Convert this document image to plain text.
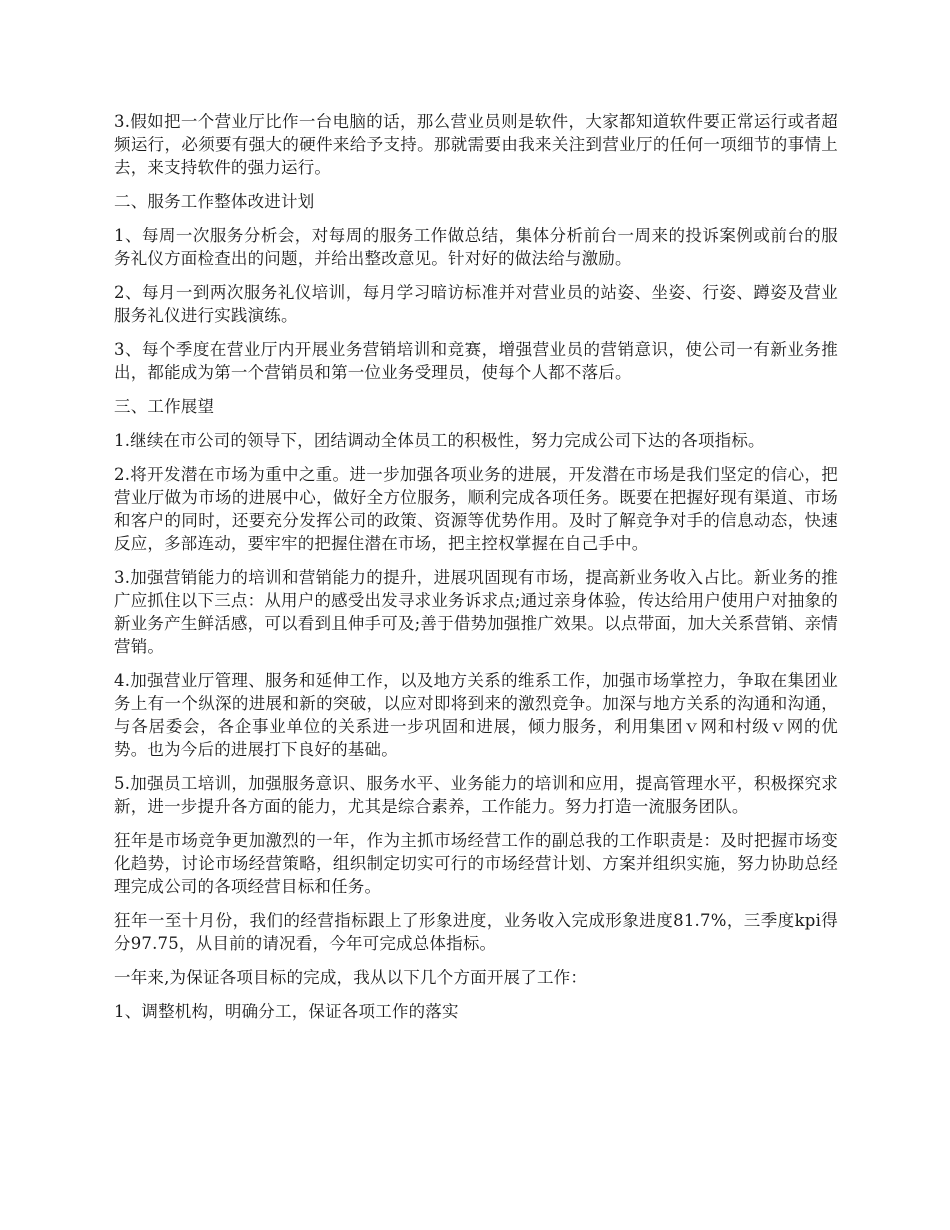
3.假如把一个营业厅比作一台电脑的话，那么营业员则是软件，大家都知道软件要正常运行或者超频运行，必须要有强大的硬件来给予支持。那就需要由我来关注到营业厅的任何一项细节的事情上去，来支持软件的强力运行。

二、服务工作整体改进计划

1、每周一次服务分析会，对每周的服务工作做总结，集体分析前台一周来的投诉案例或前台的服务礼仪方面检查出的问题，并给出整改意见。针对好的做法给与激励。

2、每月一到两次服务礼仪培训，每月学习暗访标准并对营业员的站姿、坐姿、行姿、蹲姿及营业服务礼仪进行实践演练。

3、每个季度在营业厅内开展业务营销培训和竞赛，增强营业员的营销意识，使公司一有新业务推出，都能成为第一个营销员和第一位业务受理员，使每个人都不落后。

三、工作展望

1.继续在市公司的领导下，团结调动全体员工的积极性，努力完成公司下达的各项指标。

2.将开发潜在市场为重中之重。进一步加强各项业务的进展，开发潜在市场是我们坚定的信心，把营业厅做为市场的进展中心，做好全方位服务，顺利完成各项任务。既要在把握好现有渠道、市场和客户的同时，还要充分发挥公司的政策、资源等优势作用。及时了解竞争对手的信息动态，快速反应，多部连动，要牢牢的把握住潜在市场，把主控权掌握在自己手中。

3.加强营销能力的培训和营销能力的提升，进展巩固现有市场，提高新业务收入占比。新业务的推广应抓住以下三点：从用户的感受出发寻求业务诉求点;通过亲身体验，传达给用户使用户对抽象的新业务产生鲜活感，可以看到且伸手可及;善于借势加强推广效果。以点带面，加大关系营销、亲情营销。

4.加强营业厅管理、服务和延伸工作，以及地方关系的维系工作，加强市场掌控力，争取在集团业务上有一个纵深的进展和新的突破，以应对即将到来的激烈竞争。加深与地方关系的沟通和沟通，与各居委会，各企事业单位的关系进一步巩固和进展，倾力服务，利用集团ｖ网和村级ｖ网的优势。也为今后的进展打下良好的基础。

5.加强员工培训，加强服务意识、服务水平、业务能力的培训和应用，提高管理水平，积极探究求新，进一步提升各方面的能力，尤其是综合素养，工作能力。努力打造一流服务团队。

狂年是市场竞争更加激烈的一年，作为主抓市场经营工作的副总我的工作职责是：及时把握市场变化趋势，讨论市场经营策略，组织制定切实可行的市场经营计划、方案并组织实施，努力协助总经理完成公司的各项经营目标和任务。

狂年一至十月份，我们的经营指标跟上了形象进度，业务收入完成形象进度81.7%，三季度kpi得分97.75，从目前的请况看，今年可完成总体指标。

一年来,为保证各项目标的完成，我从以下几个方面开展了工作：

1、调整机构，明确分工，保证各项工作的落实
